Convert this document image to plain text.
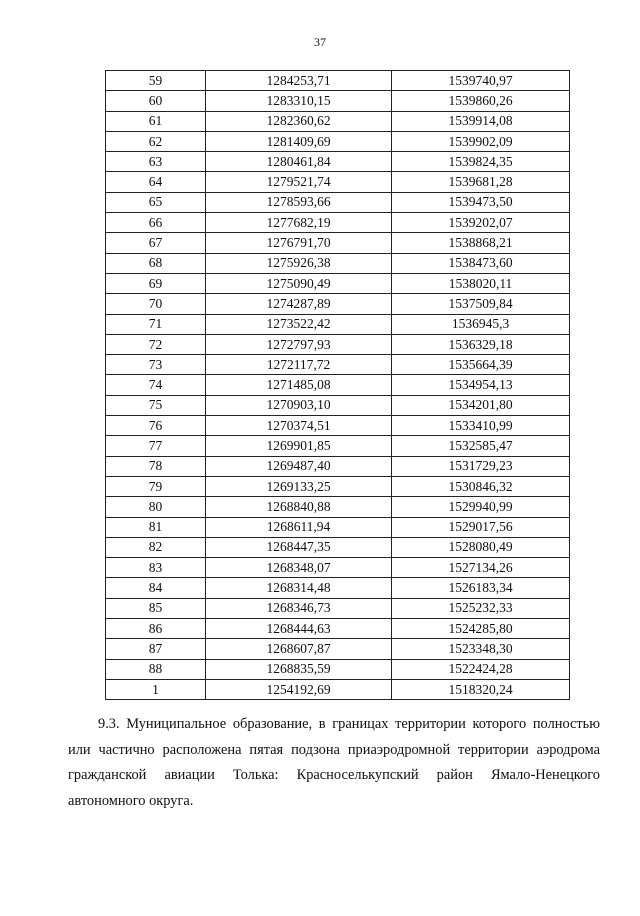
37
59	1284253,71	1539740,97
60	1283310,15	1539860,26
61	1282360,62	1539914,08
62	1281409,69	1539902,09
63	1280461,84	1539824,35
64	1279521,74	1539681,28
65	1278593,66	1539473,50
66	1277682,19	1539202,07
67	1276791,70	1538868,21
68	1275926,38	1538473,60
69	1275090,49	1538020,11
70	1274287,89	1537509,84
71	1273522,42	1536945,3
72	1272797,93	1536329,18
73	1272117,72	1535664,39
74	1271485,08	1534954,13
75	1270903,10	1534201,80
76	1270374,51	1533410,99
77	1269901,85	1532585,47
78	1269487,40	1531729,23
79	1269133,25	1530846,32
80	1268840,88	1529940,99
81	1268611,94	1529017,56
82	1268447,35	1528080,49
83	1268348,07	1527134,26
84	1268314,48	1526183,34
85	1268346,73	1525232,33
86	1268444,63	1524285,80
87	1268607,87	1523348,30
88	1268835,59	1522424,28
1	1254192,69	1518320,24
9.3. Муниципальное образование, в границах территории которого полностью
или частично расположена пятая подзона приаэродромной территории аэродрома
гражданской авиации Толька: Красноселькупский район Ямало-Ненецкого
автономного округа.
